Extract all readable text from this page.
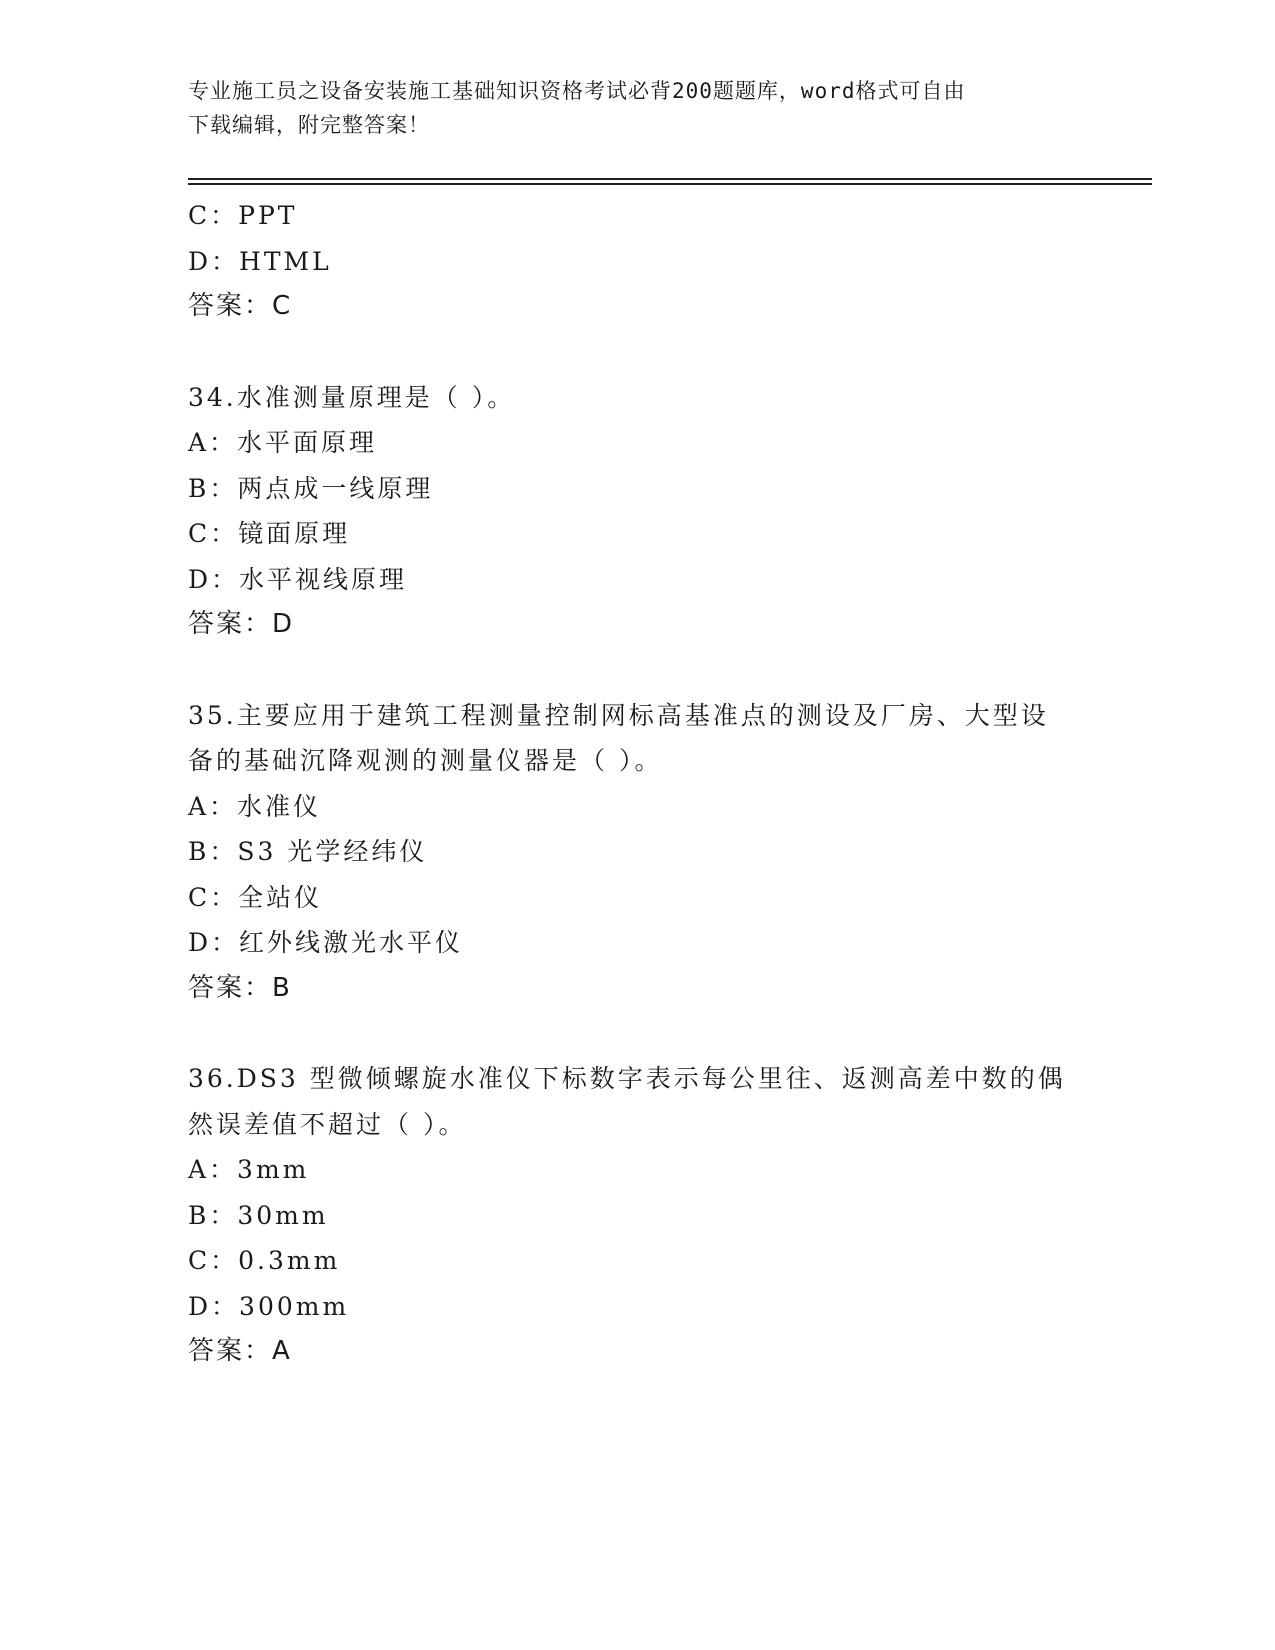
专业施工员之设备安装施工基础知识资格考试必背200题题库，word格式可自由
下载编辑，附完整答案！
C：PPT
D：HTML
答案：C
34.水准测量原理是（ ）。
A：水平面原理
B：两点成一线原理
C：镜面原理
D：水平视线原理
答案：D
35.主要应用于建筑工程测量控制网标高基准点的测设及厂房、大型设
备的基础沉降观测的测量仪器是（ ）。
A：水准仪
B：S3 光学经纬仪
C：全站仪
D：红外线激光水平仪
答案：B
36.DS3 型微倾螺旋水准仪下标数字表示每公里往、返测高差中数的偶
然误差值不超过（ ）。
A：3mm
B：30mm
C：0.3mm
D：300mm
答案：A
